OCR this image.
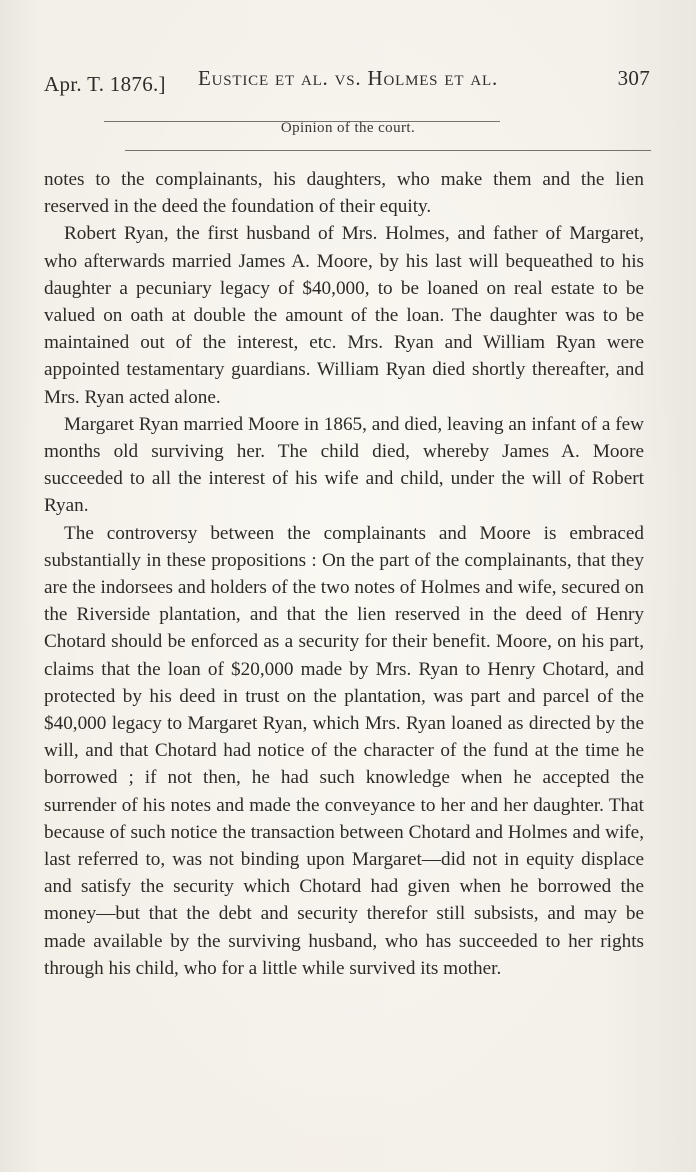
Apr. T. 1876.] Eustice et al. vs. Holmes et al.	307
Opinion of the court.

notes to the complainants, his daughters, who make them and the lien reserved in the deed the foundation of their equity.

Robert Ryan, the first husband of Mrs. Holmes, and father of Margaret, who afterwards married James A. Moore, by his last will bequeathed to his daughter a pecuniary legacy of $40,000, to be loaned on real estate to be valued on oath at double the amount of the loan. The daughter was to be maintained out of the interest, etc. Mrs. Ryan and William Ryan were appointed testamentary guardians. William Ryan died shortly thereafter, and Mrs. Ryan acted alone.

Margaret Ryan married Moore in 1865, and died, leaving an infant of a few months old surviving her. The child died, whereby James A. Moore succeeded to all the interest of his wife and child, under the will of Robert Ryan.

The controversy between the complainants and Moore is embraced substantially in these propositions : On the part of the complainants, that they are the indorsees and holders of the two notes of Holmes and wife, secured on the Riverside plantation, and that the lien reserved in the deed of Henry Chotard should be enforced as a security for their benefit. Moore, on his part, claims that the loan of $20,000 made by Mrs. Ryan to Henry Chotard, and protected by his deed in trust on the plantation, was part and parcel of the $40,000 legacy to Margaret Ryan, which Mrs. Ryan loaned as directed by the will, and that Chotard had notice of the character of the fund at the time he borrowed ; if not then, he had such knowledge when he accepted the surrender of his notes and made the conveyance to her and her daughter. That because of such notice the transaction between Chotard and Holmes and wife, last referred to, was not binding upon Margaret—did not in equity displace and satisfy the security which Chotard had given when he borrowed the money—but that the debt and security therefor still subsists, and may be made available by the surviving husband, who has succeeded to her rights through his child, who for a little while survived its mother.
